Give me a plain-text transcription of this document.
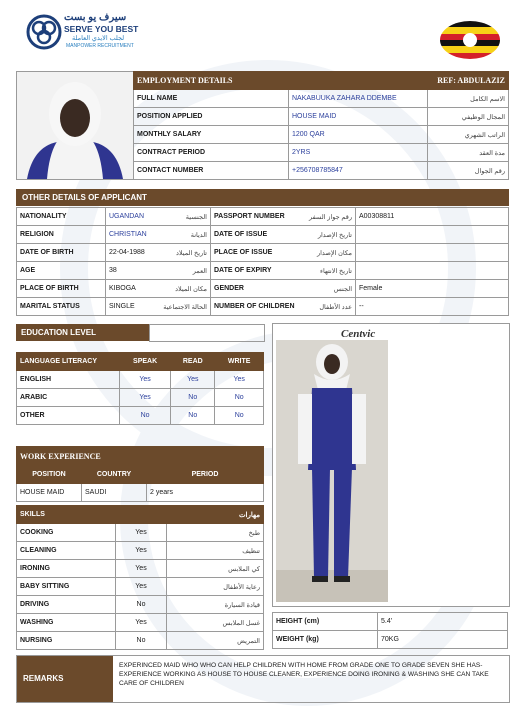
سيرف يو بست
SERVE YOU BEST
لجلب الايدي العاملة
MANPOWER RECRUITMENT
EMPLOYMENT DETAILS		REF: ABDULAZIZ
FULL NAME	NAKABUUKA ZAHARA DDEMBE	الاسم الكامل
POSITION APPLIED	HOUSE MAID	المجال الوظيفي
MONTHLY SALARY	1200 QAR	الراتب الشهري
CONTRACT PERIOD	2YRS	مدة العقد
CONTACT NUMBER	+256708785847	رقم الجوال
OTHER DETAILS OF APPLICANT
NATIONALITY	UGANDAN الجنسية	PASSPORT NUMBER رقم جواز السفر	A00308811
RELIGION	CHRISTIAN الديانة	DATE OF ISSUE تاريخ الإصدار	

DATE OF BIRTH	22-04-1988 تاريخ الميلاد	PLACE OF ISSUE مكان الإصدار	

AGE	38 العمر	DATE OF EXPIRY تاريخ الانتهاء	

PLACE OF BIRTH	KIBOGA مكان الميلاد	GENDER الجنس	Female
MARITAL STATUS	SINGLE الحالة الاجتماعية	NUMBER OF CHILDREN عدد الأطفال	--
EDUCATION LEVEL
LANGUAGE LITERACY	SPEAK	READ	WRITE
ENGLISH	Yes	Yes	Yes
ARABIC	Yes	No	No
OTHER	No	No	No
WORK EXPERIENCE		
POSITION	COUNTRY	PERIOD
HOUSE MAID	SAUDI	2 years
SKILLS		مهارات
COOKING	Yes	طبخ
CLEANING	Yes	تنظيف
IRONING	Yes	كي الملابس
BABY SITTING	Yes	رعاية الأطفال
DRIVING	No	قيادة السيارة
WASHING	Yes	غسل الملابس
NURSING	No	التمريض
Centvic
HEIGHT (cm)	5.4'
WEIGHT (kg)	70KG
REMARKS
EXPERINCED MAID WHO WHO CAN HELP CHILDREN WITH HOME FROM GRADE ONE TO GRADE SEVEN SHE HAS-EXPERIENCE WORKING AS HOUSE TO HOUSE CLEANER, EXPERIENCE DOING IRONING & WASHING SHE CAN TAKE CARE OF CHILDREN
